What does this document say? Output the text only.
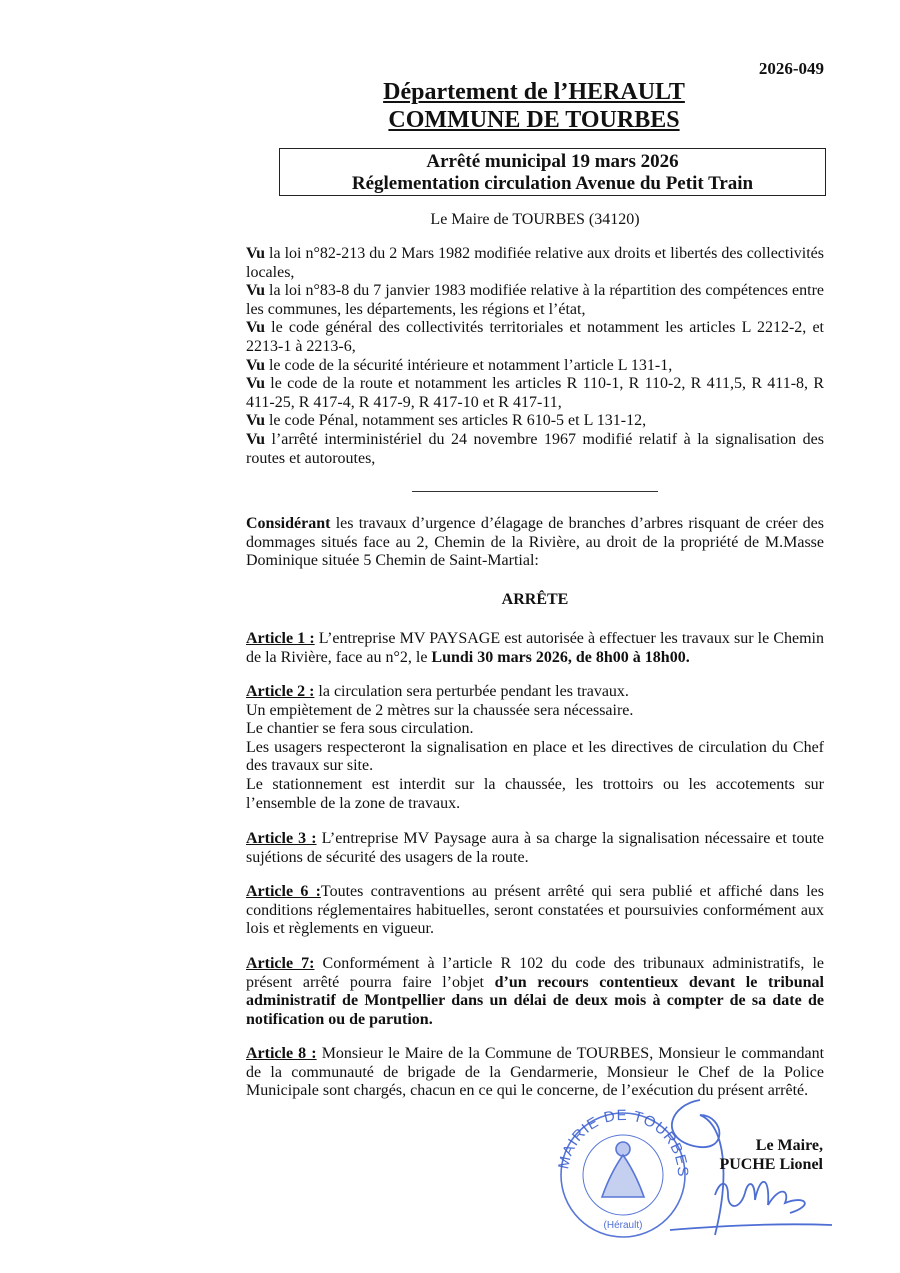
2026-049
Département de l’HERAULT
COMMUNE DE TOURBES
Arrêté municipal 19 mars 2026
Réglementation circulation Avenue du Petit Train
Le Maire de TOURBES (34120)

Vu la loi n°82-213 du 2 Mars 1982 modifiée relative aux droits et libertés des collectivités locales,

Vu la loi n°83-8 du 7 janvier 1983 modifiée relative à la répartition des compétences entre les communes, les départements, les régions et l’état,

Vu le code général des collectivités territoriales et notamment les articles L 2212-2, et 2213-1 à 2213-6,

Vu le code de la sécurité intérieure et notamment l’article L 131-1,

Vu le code de la route et notamment les articles R 110-1, R 110-2, R 411,5, R 411-8, R 411-25, R 417-4, R 417-9, R 417-10 et R 417-11,

Vu le code Pénal, notamment ses articles R 610-5 et L 131-12,

Vu l’arrêté interministériel du 24 novembre 1967 modifié relatif à la signalisation des routes et autoroutes,

Considérant les travaux d’urgence d’élagage de branches d’arbres risquant de créer des dommages situés face au 2, Chemin de la Rivière, au droit de la propriété de M.Masse Dominique située 5 Chemin de Saint-Martial:
ARRÊTE
Article 1 : L’entreprise MV PAYSAGE est autorisée à effectuer les travaux sur le Chemin de la Rivière, face au n°2, le Lundi 30 mars 2026, de 8h00 à 18h00.

Article 2 : la circulation sera perturbée pendant les travaux.

Un empiètement de 2 mètres sur la chaussée sera nécessaire.

Le chantier se fera sous circulation.

Les usagers respecteront la signalisation en place et les directives de circulation du Chef des travaux sur site.

Le stationnement est interdit sur la chaussée, les trottoirs ou les accotements sur l’ensemble de la zone de travaux.

Article 3 : L’entreprise MV Paysage aura à sa charge la signalisation nécessaire et toute sujétions de sécurité des usagers de la route.
Article 6 :Toutes contraventions au présent arrêté qui sera publié et affiché dans les conditions réglementaires habituelles, seront constatées et poursuivies conformément aux lois et règlements en vigueur.
Article 7: Conformément à l’article R 102 du code des tribunaux administratifs, le présent arrêté pourra faire l’objet d’un recours contentieux devant le tribunal administratif de Montpellier dans un délai de deux mois à compter de sa date de notification ou de parution.
Article 8 : Monsieur le Maire de la Commune de TOURBES, Monsieur le commandant de la communauté de brigade de la Gendarmerie, Monsieur le Chef de la Police Municipale sont chargés, chacun en ce qui le concerne, de l’exécution du présent arrêté.
MAIRIE DE TOURBES
(Hérault)
Le Maire,
PUCHE Lionel
